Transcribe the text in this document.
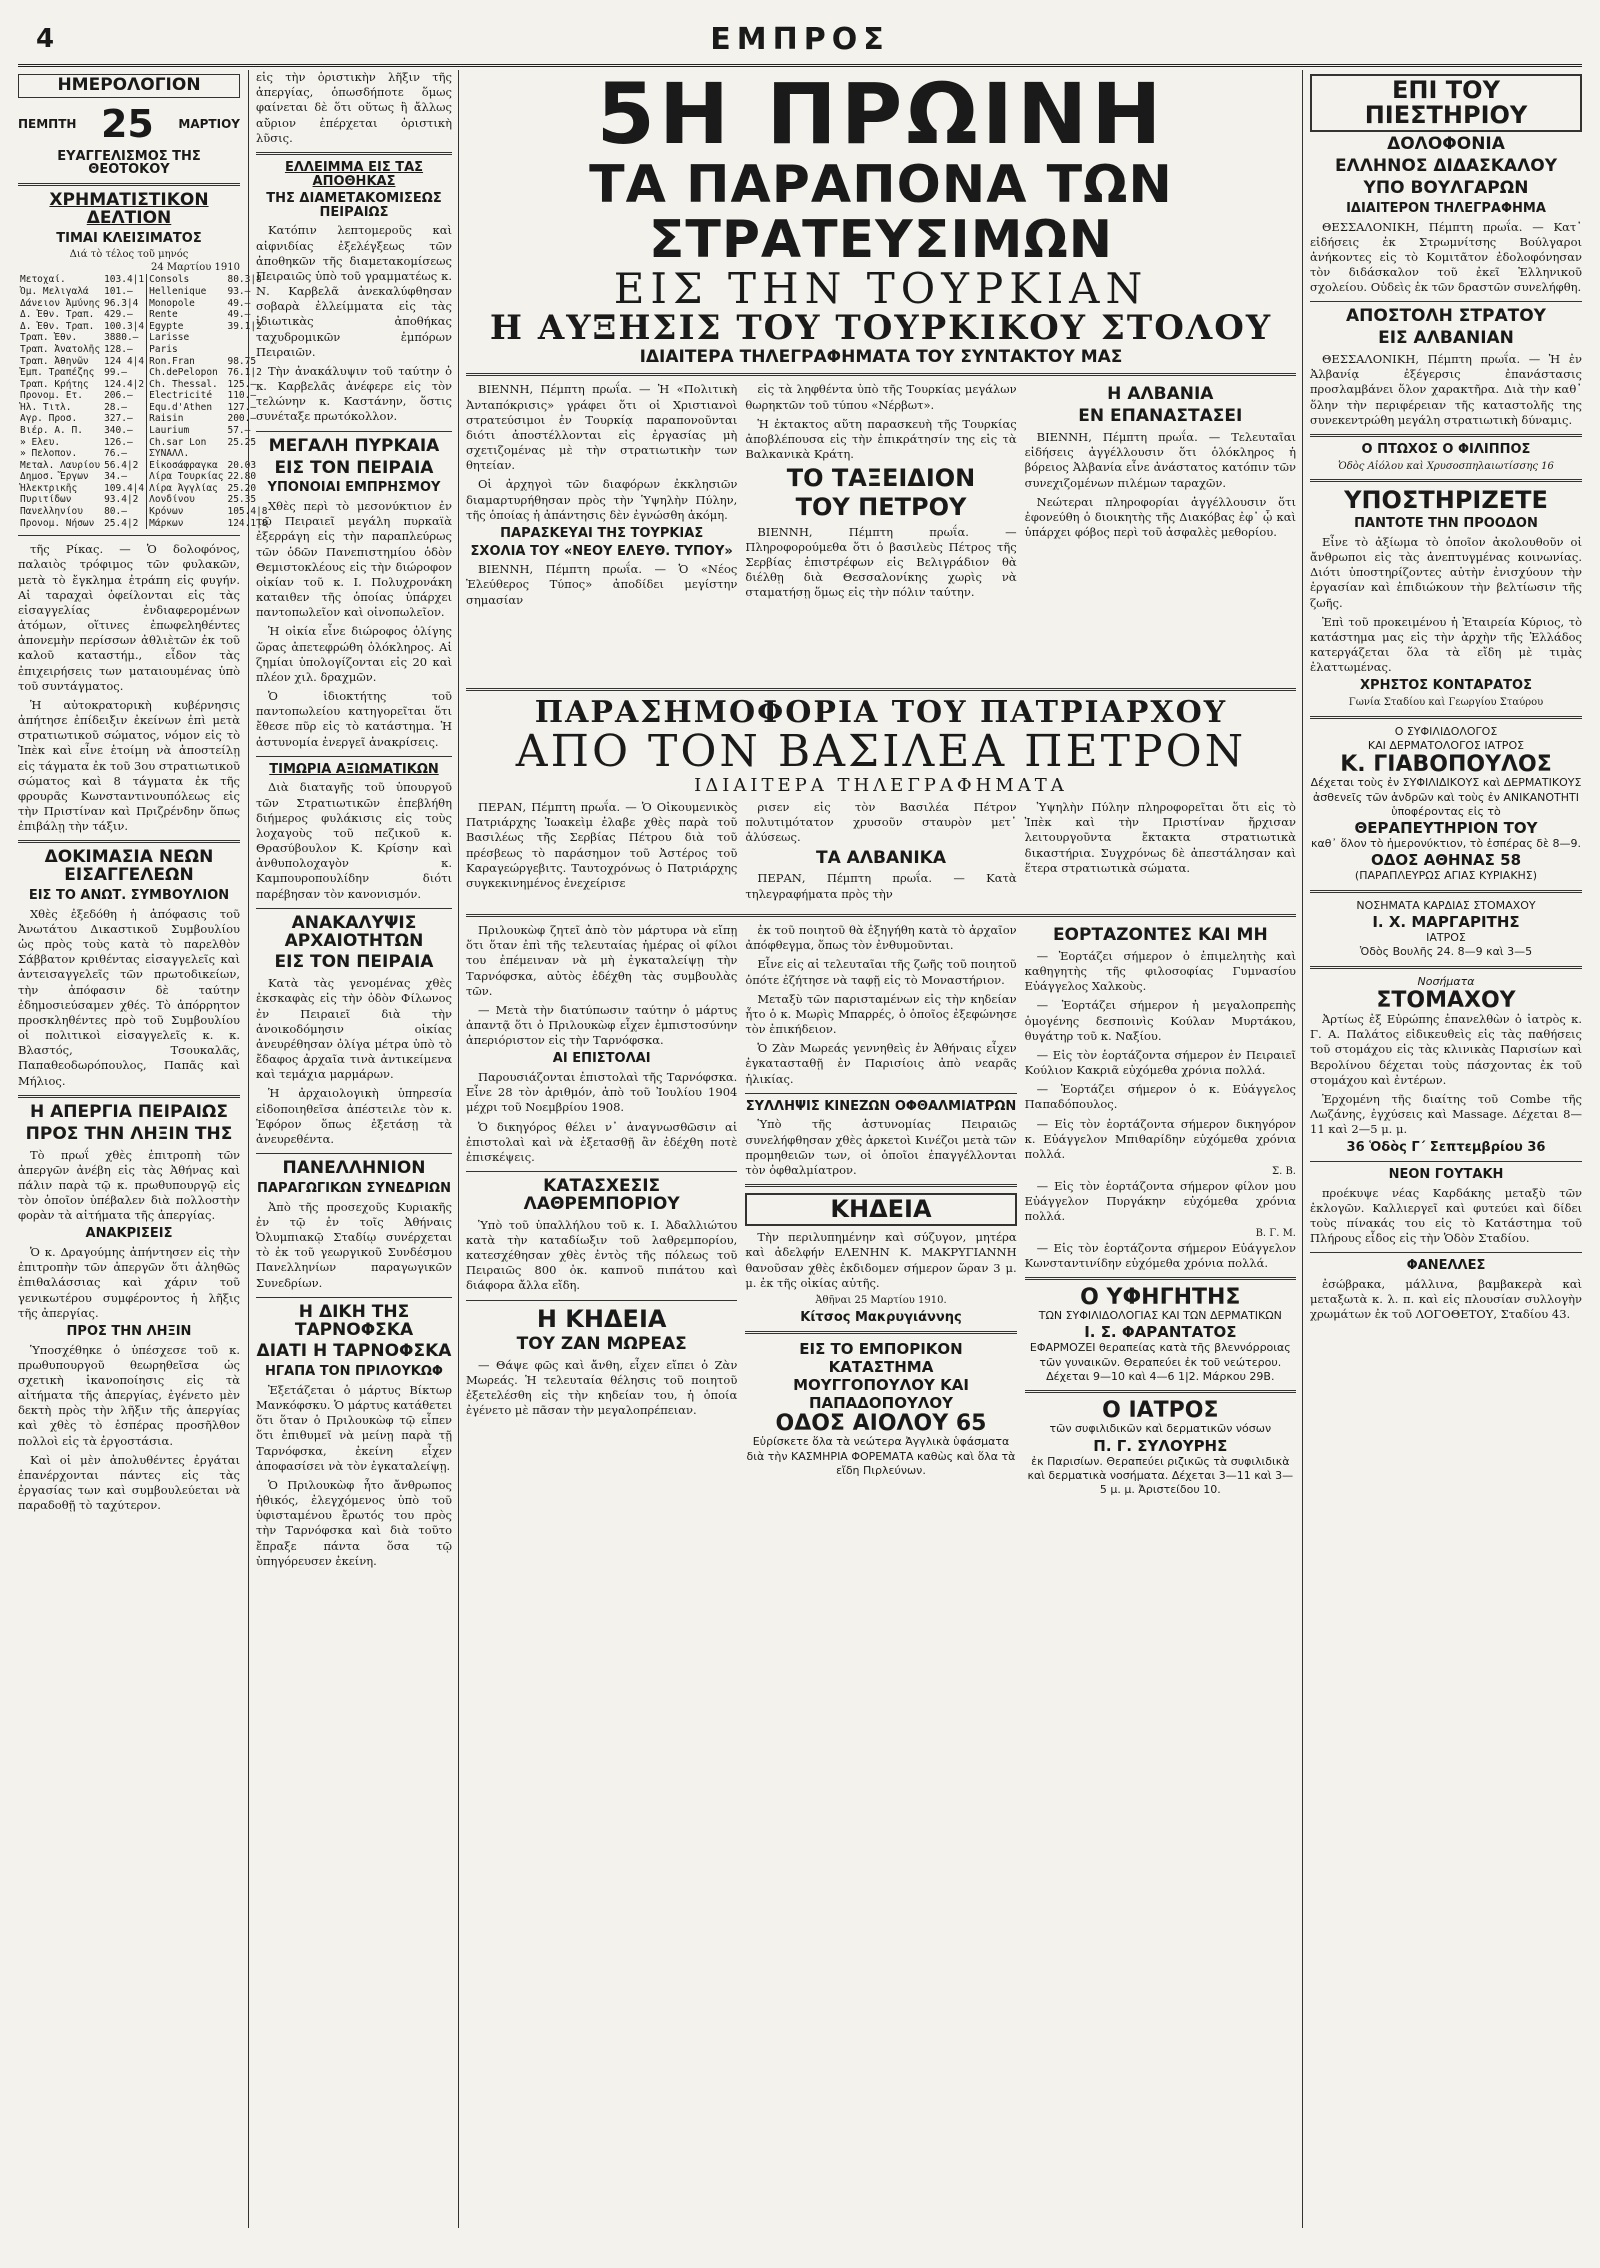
4	ΕΜΠΡΟΣ
ΗΜΕΡΟΛΟΓΙΟΝ
ΠΕΜΠΤΗ 25 ΜΑΡΤΙΟΥ
ΕΥΑΓΓΕΛΙΣΜΟΣ ΤΗΣ ΘΕΟΤΟΚΟΥ
ΧΡΗΜΑΤΙΣΤΙΚΟΝ ΔΕΛΤΙΟΝ
ΤΙΜΑΙ ΚΛΕΙΣΙΜΑΤΟΣ
Διά τὸ τέλος τοῦ μηνός
24 Μαρτίου 1910
Μετοχαί.	103.4|1	Consols	80.3|8
Ὀμ. Μελιγαλά	101.—	Hellenique	93.—
Δάνειον Ἀμύνης	96.3|4	Monopole	49.—
Δ. Ἐθν. Τραπ.	429.—	Rente	49.—
Δ. Ἐθν. Τραπ.	100.3|4	Egypte	39.1|2
Τραπ. Ἐθν.	3880.—	Larisse	
Τραπ. Ἀνατολῆς	128.—	Paris	
Τραπ. Ἀθηνῶν	124 4|4	Ron.Fran	98.75
Ἐμπ. Τραπέζης	99.—	Ch.dePelopon	76.1|2
Τραπ. Κρήτης	124.4|2	Ch. Thessal.	125.—
Προνομ. Ετ.	206.—	Electricité	110.—
Ἠλ. Τιτλ.	28.—	Equ.d'Athen	127.—
Αγρ. Προσ.	327.—	Raisin	200.—
Βιέρ. Α. Π.	340.—	Laurium	57.—
» Ελευ.	126.—	Ch.sar Lon	25.25
» Πελοπον.	76.—	ΣΥΝΑΛΛ.	
Μεταλ. Λαυρίου	56.4|2	Εἰκοσάφραγκα	20.03
Δημοσ. Ἔργων	34.—	Λίρα Τουρκίας	22.80
Ἠλεκτρικῆς	109.4|4	Λίρα Ἀγγλίας	25.20
Πυριτίδων	93.4|2	Λονδίνου	25.35
Πανελληνίου	80.—	Κρόνων	105.4|8
Προνομ. Νήσων	25.4|2	Μάρκων	124.1|8
τῆς Ρίκας. — Ὁ δολοφόνος, παλαιὸς τρόφιμος τῶν φυλακῶν, μετὰ τὸ ἔγκλημα ἐτράπη εἰς φυγήν. Αἱ ταραχαὶ ὀφείλονται εἰς τὰς εἰσαγγελίας ἐνδιαφερομένων ἀτόμων, οἵτινες ἐπωφεληθέντες ἀπονεμὴν περίσσων ἀθλιὲτῶν ἐκ τοῦ καλοῦ καταστήμ., εἶδον τὰς ἐπιχειρήσεις των ματαιουμένας ὑπὸ τοῦ συντάγματος.
Ἡ αὐτοκρατορικὴ κυβέρνησις ἀπήτησε ἐπίδειξιν ἐκείνων ἐπὶ μετὰ στρατιωτικοῦ σώματος, νόμον εἰς τὸ Ἰπὲκ καὶ εἶνε ἑτοίμη νὰ ἀποστείλῃ εἰς τάγματα ἐκ τοῦ 3ου στρατιωτικοῦ σώματος καὶ 8 τάγματα ἐκ τῆς φρουρᾶς Κωνσταντινουπόλεως εἰς τὴν Πριστίναν καὶ Πριζρένδην ὅπως ἐπιβάλῃ τὴν τάξιν.
ΔΟΚΙΜΑΣΙΑ ΝΕΩΝ ΕΙΣΑΓΓΕΛΕΩΝ
ΕΙΣ ΤΟ ΑΝΩΤ. ΣΥΜΒΟΥΛΙΟΝ
Χθὲς ἐξεδόθη ἡ ἀπόφασις τοῦ Ἀνωτάτου Δικαστικοῦ Συμβουλίου ὡς πρὸς τοὺς κατὰ τὸ παρελθὸν Σάββατον κριθέντας εἰσαγγελεῖς καὶ ἀντεισαγγελεῖς τῶν πρωτοδικείων, τὴν ἀπόφασιν δὲ ταύτην ἐδημοσιεύσαμεν χθές. Τὸ ἀπόρρητον προσκληθέντες πρὸ τοῦ Συμβουλίου οἱ πολιτικοὶ εἰσαγγελεῖς κ. κ. Βλαστός, Τσουκαλᾶς, Παπαθεοδωρόπουλος, Παπᾶς καὶ Μήλιος.
Η ΑΠΕΡΓΙΑ ΠΕΙΡΑΙΩΣ
ΠΡΟΣ ΤΗΝ ΛΗΞΙΝ ΤΗΣ
Τὸ πρωΐ χθὲς ἐπιτροπὴ τῶν ἀπεργῶν ἀνέβη εἰς τὰς Ἀθήνας καὶ πάλιν παρὰ τῷ κ. πρωθυπουργῷ εἰς τὸν ὁποῖον ὑπέβαλεν διὰ πολλοστὴν φορὰν τὰ αἰτήματα τῆς ἀπεργίας.
ΑΝΑΚΡΙΣΕΙΣ
Ὁ κ. Δραγούμης ἀπήντησεν εἰς τὴν ἐπιτροπὴν τῶν ἀπεργῶν ὅτι ἀληθῶς ἐπιθαλάσσιας καὶ χάριν τοῦ γενικωτέρου συμφέροντος ἡ λῆξις τῆς ἀπεργίας.
ΠΡΟΣ ΤΗΝ ΛΗΞΙΝ
Ὑποσχέθηκε ὁ ὑπέσχεσε τοῦ κ. πρωθυπουργοῦ θεωρηθεῖσα ὡς σχετικὴ ἱκανοποίησις εἰς τὰ αἰτήματα τῆς ἀπεργίας, ἐγένετο μὲν δεκτὴ πρὸς τὴν λῆξιν τῆς ἀπεργίας καὶ χθὲς τὸ ἑσπέρας προσῆλθον πολλοὶ εἰς τὰ ἐργοστάσια.
Καὶ οἱ μὲν ἀπολυθέντες ἐργάται ἐπανέρχονται πάντες εἰς τὰς ἐργασίας των καὶ συμβουλεύεται νὰ παραδοθῇ τὸ ταχύτερον.
εἰς τὴν ὁριστικὴν λῆξιν τῆς ἀπεργίας, ὁπωσδήποτε ὅμως φαίνεται δὲ ὅτι οὕτως ἢ ἄλλως αὔριον ἐπέρχεται ὁριστικὴ λῦσις.
ΕΛΛΕΙΜΜΑ ΕΙΣ ΤΑΣ ΑΠΟΘΗΚΑΣ
ΤΗΣ ΔΙΑΜΕΤΑΚΟΜΙΣΕΩΣ ΠΕΙΡΑΙΩΣ
Κατόπιν λεπτομεροῦς καὶ αἰφνιδίας ἐξελέγξεως τῶν ἀποθηκῶν τῆς διαμετακομίσεως Πειραιῶς ὑπὸ τοῦ γραμματέως κ. Ν. Καρβελᾶ ἀνεκαλύφθησαν σοβαρὰ ἐλλείμματα εἰς τὰς ἰδιωτικὰς ἀποθήκας ταχυδρομικῶν ἐμπόρων Πειραιῶν.
Τὴν ἀνακάλυψιν τοῦ ταύτην ὁ κ. Καρβελᾶς ἀνέφερε εἰς τὸν τελώνην κ. Καστάνην, ὅστις συνέταξε πρωτόκολλον.
ΜΕΓΑΛΗ ΠΥΡΚΑΙΑ
ΕΙΣ ΤΟΝ ΠΕΙΡΑΙΑ
ΥΠΟΝΟΙΑΙ ΕΜΠΡΗΣΜΟΥ
Χθὲς περὶ τὸ μεσονύκτιον ἐν τῷ Πειραιεῖ μεγάλη πυρκαϊὰ ἐξερράγη εἰς τὴν παραπλεύρως τῶν ὁδῶν Πανεπιστημίου ὁδὸν Θεμιστοκλέους εἰς τὴν διώροφον οἰκίαν τοῦ κ. Ι. Πολυχρονάκη καταιθεν τῆς ὁποίας ὑπάρχει παντοπωλεῖον καὶ οἰνοπωλεῖον.
Ἡ οἰκία εἶνε διώροφος ὀλίγης ὥρας ἀπετεφρώθη ὁλόκληρος. Αἱ ζημίαι ὑπολογίζονται εἰς 20 καὶ πλέον χιλ. δραχμῶν.
Ὁ ἰδιοκτήτης τοῦ παντοπωλείου κατηγορεῖται ὅτι ἔθεσε πῦρ εἰς τὸ κατάστημα. Ἡ ἀστυνομία ἐνεργεῖ ἀνακρίσεις.
ΤΙΜΩΡΙΑ ΑΞΙΩΜΑΤΙΚΩΝ
Διὰ διαταγῆς τοῦ ὑπουργοῦ τῶν Στρατιωτικῶν ἐπεβλήθη διήμερος φυλάκισις εἰς τοὺς λοχαγοὺς τοῦ πεζικοῦ κ. Θρασύβουλον Κ. Κρίσην καὶ ἀνθυπολοχαγὸν κ. Καμπουροπουλίδην διότι παρέβησαν τὸν κανονισμόν.
ΑΝΑΚΑΛΥΨΙΣ ΑΡΧΑΙΟΤΗΤΩΝ
ΕΙΣ ΤΟΝ ΠΕΙΡΑΙΑ
Κατὰ τὰς γενομένας χθὲς ἐκσκαφὰς εἰς τὴν ὁδὸν Φίλωνος ἐν Πειραιεῖ διὰ τὴν ἀνοικοδόμησιν οἰκίας ἀνευρέθησαν ὀλίγα μέτρα ὑπὸ τὸ ἔδαφος ἀρχαῖα τινὰ ἀντικείμενα καὶ τεμάχια μαρμάρων.
Ἡ ἀρχαιολογικὴ ὑπηρεσία εἰδοποιηθεῖσα ἀπέστειλε τὸν κ. Ἐφόρον ὅπως ἐξετάσῃ τὰ ἀνευρεθέντα.
ΠΑΝΕΛΛΗΝΙΟΝ
ΠΑΡΑΓΩΓΙΚΩΝ ΣΥΝΕΔΡΙΩΝ
Ἀπὸ τῆς προσεχοῦς Κυριακῆς ἐν τῷ ἐν τοῖς Ἀθήναις Ὀλυμπιακῷ Σταδίῳ συνέρχεται τὸ ἐκ τοῦ γεωργικοῦ Συνδέσμου Πανελληνίων παραγωγικῶν Συνεδρίων.
Η ΔΙΚΗ ΤΗΣ ΤΑΡΝΟΦΣΚΑ
ΔΙΑΤΙ Η ΤΑΡΝΟΦΣΚΑ
ΗΓΑΠΑ ΤΟΝ ΠΡΙΛΟΥΚΩΦ
Ἐξετάζεται ὁ μάρτυς Βίκτωρ Μανκόφσκυ. Ὁ μάρτυς κατάθετει ὅτι ὅταν ὁ Πριλουκὼφ τῷ εἶπεν ὅτι ἐπιθυμεῖ νὰ μείνῃ παρὰ τῇ Ταρνόφσκα, ἐκείνη εἶχεν ἀποφασίσει νὰ τὸν ἐγκαταλείψῃ.
Ὁ Πριλουκὼφ ἦτο ἄνθρωπος ἠθικός, ἐλεγχόμενος ὑπὸ τοῦ ὑφισταμένου ἔρωτός του πρὸς τὴν Ταρνόφσκα καὶ διὰ τοῦτο ἔπραξε πάντα ὅσα τῷ ὑπηγόρευσεν ἐκείνη.
5Η ΠΡΩΙΝΗ
ΤΑ ΠΑΡΑΠΟΝΑ ΤΩΝ ΣΤΡΑΤΕΥΣΙΜΩΝ
ΕΙΣ ΤΗΝ ΤΟΥΡΚΙΑΝ
Η ΑΥΞΗΣΙΣ ΤΟΥ ΤΟΥΡΚΙΚΟΥ ΣΤΟΛΟΥ
ΙΔΙΑΙΤΕΡΑ ΤΗΛΕΓΡΑΦΗΜΑΤΑ ΤΟΥ ΣΥΝΤΑΚΤΟΥ ΜΑΣ
ΒΙΕΝΝΗ, Πέμπτη πρωΐα. — Ἡ «Πολιτικὴ Ἀνταπόκρισις» γράφει ὅτι οἱ Χριστιανοὶ στρατεύσιμοι ἐν Τουρκίᾳ παραπονοῦνται διότι ἀποστέλλονται εἰς ἐργασίας μὴ σχετιζομένας μὲ τὴν στρατιωτικὴν των θητείαν.
Οἱ ἀρχηγοὶ τῶν διαφόρων ἐκκλησιῶν διαμαρτυρήθησαν πρὸς τὴν Ὑψηλὴν Πύλην, τῆς ὁποίας ἡ ἀπάντησις δὲν ἐγνώσθη ἀκόμη.
ΠΑΡΑΣΚΕΥΑΙ ΤΗΣ ΤΟΥΡΚΙΑΣ
ΣΧΟΛΙΑ ΤΟΥ «ΝΕΟΥ ΕΛΕΥΘ. ΤΥΠΟΥ»
ΒΙΕΝΝΗ, Πέμπτη πρωΐα. — Ὁ «Νέος Ἐλεύθερος Τύπος» ἀποδίδει μεγίστην σημασίαν
εἰς τὰ ληφθέντα ὑπὸ τῆς Τουρκίας μεγάλων θωρηκτῶν τοῦ τύπου «Νέρβωτ».
Ἡ ἐκτακτος αὕτη παρασκευὴ τῆς Τουρκίας ἀποβλέπουσα εἰς τὴν ἐπικράτησίν της εἰς τὰ Βαλκανικὰ Κράτη.
ΤΟ ΤΑΞΕΙΔΙΟΝ
ΤΟΥ ΠΕΤΡΟΥ
ΒΙΕΝΝΗ, Πέμπτη πρωΐα. — Πληροφορούμεθα ὅτι ὁ βασιλεὺς Πέτρος τῆς Σερβίας ἐπιστρέφων εἰς Βελιγράδιον θὰ διέλθῃ διὰ Θεσσαλονίκης χωρὶς νὰ σταματήσῃ ὅμως εἰς τὴν πόλιν ταύτην.
Η ΑΛΒΑΝΙΑ
ΕΝ ΕΠΑΝΑΣΤΑΣΕΙ
ΒΙΕΝΝΗ, Πέμπτη πρωΐα. — Τελευταῖαι εἰδήσεις ἀγγέλλουσιν ὅτι ὁλόκληρος ἡ βόρειος Ἀλβανία εἶνε ἀνάστατος κατόπιν τῶν συνεχιζομένων πιλέμων ταραχῶν.
Νεώτεραι πληροφορίαι ἀγγέλλουσιν ὅτι ἐφονεύθη ὁ διοικητὴς τῆς Διακόβας ἐφ᾽ ᾧ καὶ ὑπάρχει φόβος περὶ τοῦ ἀσφαλὲς μεθορίου.
ΠΑΡΑΣΗΜΟΦΟΡΙΑ ΤΟΥ ΠΑΤΡΙΑΡΧΟΥ
ΑΠΟ ΤΟΝ ΒΑΣΙΛΕΑ ΠΕΤΡΟΝ
ΙΔΙΑΙΤΕΡΑ ΤΗΛΕΓΡΑΦΗΜΑΤΑ
ΠΕΡΑΝ, Πέμπτη πρωΐα. — Ὁ Οἰκουμενικὸς Πατριάρχης Ἰωακεὶμ ἐλαβε χθὲς παρὰ τοῦ Βασιλέως τῆς Σερβίας Πέτρου διὰ τοῦ πρέσβεως τὸ παράσημον τοῦ Ἀστέρος τοῦ Καραγεώργεβιτς. Ταυτοχρόνως ὁ Πατριάρχης συγκεκινημένος ἐνεχείρισε
ρισεν εἰς τὸν Βασιλέα Πέτρον πολυτιμότατον χρυσοῦν σταυρὸν μετ᾽ ἀλύσεως.
ΤΑ ΑΛΒΑΝΙΚΑ
ΠΕΡΑΝ, Πέμπτη πρωΐα. — Κατὰ τηλεγραφήματα πρὸς τὴν
Ὑψηλὴν Πύλην πληροφορεῖται ὅτι εἰς τὸ Ἰπὲκ καὶ τὴν Πριστίναν ἤρχισαν λειτουργοῦντα ἔκτακτα στρατιωτικὰ δικαστήρια. Συγχρόνως δὲ ἀπεστάλησαν καὶ ἕτερα στρατιωτικὰ σώματα.
Πριλουκὼφ ζητεῖ ἀπὸ τὸν μάρτυρα νὰ εἴπῃ ὅτι ὅταν ἐπὶ τῆς τελευταίας ἡμέρας οἱ φίλοι του ἐπέμειναν νὰ μὴ ἐγκαταλείψῃ τὴν Ταρνόφσκα, αὐτὸς ἐδέχθη τὰς συμβουλὰς τῶν.
— Μετὰ τὴν διατύπωσιν ταύτην ὁ μάρτυς ἀπαντᾷ ὅτι ὁ Πριλουκὼφ εἶχεν ἐμπιστοσύνην ἀπεριόριστον εἰς τὴν Ταρνόφσκα.
ΑΙ ΕΠΙΣΤΟΛΑΙ
Παρουσιάζονται ἐπιστολαὶ τῆς Ταρνόφσκα. Εἶνε 28 τὸν ἀριθμόν, ἀπὸ τοῦ Ἰουλίου 1904 μέχρι τοῦ Νοεμβρίου 1908.
Ὁ δικηγόρος θέλει ν᾽ ἀναγνωσθῶσιν αἱ ἐπιστολαὶ καὶ νὰ ἐξετασθῇ ἂν ἐδέχθη ποτὲ ἐπισκέψεις.
ΚΑΤΑΣΧΕΣΙΣ ΛΑΘΡΕΜΠΟΡΙΟΥ
Ὑπὸ τοῦ ὑπαλλήλου τοῦ κ. Ι. Ἀδαλλιώτου κατὰ τὴν καταδίωξιν τοῦ λαθρεμπορίου, κατεσχέθησαν χθὲς ἐντὸς τῆς πόλεως τοῦ Πειραιῶς 800 ὀκ. καπνοῦ πιπάτου καὶ διάφορα ἄλλα εἴδη.
Η ΚΗΔΕΙΑ
ΤΟΥ ΖΑΝ ΜΩΡΕΑΣ
— Θάψε φῶς καὶ ἄνθη, εἶχεν εἴπει ὁ Ζὰν Μωρεάς. Ἡ τελευταία θέλησις τοῦ ποιητοῦ ἐξετελέσθη εἰς τὴν κηδείαν του, ἡ ὁποία ἐγένετο μὲ πᾶσαν τὴν μεγαλοπρέπειαν.
ἐκ τοῦ ποιητοῦ θὰ ἐξηγήθη κατὰ τὸ ἀρχαῖον ἀπόφθεγμα, ὅπως τὸν ἐνθυμοῦνται.
Εἶνε εἰς αἱ τελευταῖαι τῆς ζωῆς τοῦ ποιητοῦ ὁπότε ἐζήτησε νὰ ταφῇ εἰς τὸ Μοναστήριον.
Μεταξὺ τῶν παρισταμένων εἰς τὴν κηδείαν ἦτο ὁ κ. Μωρὶς Μπαρρές, ὁ ὁποῖος ἐξεφώνησε τὸν ἐπικήδειον.
Ὁ Ζὰν Μωρεάς γεννηθεὶς ἐν Ἀθήναις εἶχεν ἐγκατασταθῇ ἐν Παρισίοις ἀπὸ νεαρᾶς ἡλικίας.
ΣΥΛΛΗΨΙΣ ΚΙΝΕΖΩΝ ΟΦΘΑΛΜΙΑΤΡΩΝ
Ὑπὸ τῆς ἀστυνομίας Πειραιῶς συνελήφθησαν χθὲς ἀρκετοὶ Κινέζοι μετὰ τῶν προμηθειῶν των, οἱ ὁποῖοι ἐπαγγέλλονται τὸν ὀφθαλμίατρον.
ΚΗΔΕΙΑ
Τὴν περιλυπημένην καὶ σύζυγον, μητέρα καὶ ἀδελφήν ΕΛΕΝΗΝ Κ. ΜΑΚΡΥΓΙΑΝΝΗ θανοῦσαν χθὲς ἐκδιδομεν σήμερον ὥραν 3 μ. μ. ἐκ τῆς οἰκίας αὐτῆς.
Ἀθῆναι 25 Μαρτίου 1910.
Κίτσος Μακρυγιάννης
ΕΙΣ ΤΟ ΕΜΠΟΡΙΚΟΝ ΚΑΤΑΣΤΗΜΑ
ΜΟΥΓΓΟΠΟΥΛΟΥ ΚΑΙ ΠΑΠΑΔΟΠΟΥΛΟΥ
ΟΔΟΣ ΑΙΟΛΟΥ 65
Εὑρίσκετε ὅλα τὰ νεώτερα Ἀγγλικὰ ὑφάσματα διὰ τὴν ΚΑΣΜΗΡΙΑ ΦΟΡΕΜΑΤΑ καθὼς καὶ ὅλα τὰ εἴδη Πιρλεύνων.
ΕΟΡΤΑΖΟΝΤΕΣ ΚΑΙ ΜΗ
— Ἑορτάζει σήμερον ὁ ἐπιμελητὴς καὶ καθηγητὴς τῆς φιλοσοφίας Γυμνασίου Εὐάγγελος Χαλκοὺς.
— Ἑορτάζει σήμερον ἡ μεγαλοπρεπὴς ὁμογένης δεσποινὶς Κούλαν Μυρτάκου, θυγάτηρ τοῦ κ. Ναξίου.
— Εἰς τὸν ἑορτάζοντα σήμερον ἐν Πειραιεῖ Κούλιον Κακριᾶ εὐχόμεθα χρόνια πολλά.
— Ἑορτάζει σήμερον ὁ κ. Εὐάγγελος Παπαδόπουλος.
— Εἰς τὸν ἑορτάζοντα σήμερον δικηγόρον κ. Εὐάγγελον Μπιθαρίδην εὐχόμεθα χρόνια πολλά.
Σ. Β.
— Εἰς τὸν ἑορτάζοντα σήμερον φίλον μου Εὐάγγελον Πυργάκην εὐχόμεθα χρόνια πολλά.
Β. Γ. Μ.
— Εἰς τὸν ἑορτάζοντα σήμερον Εὐάγγελον Κωνσταντινίδην εὐχόμεθα χρόνια πολλά.
Ο ΥΦΗΓΗΤΗΣ
ΤΩΝ ΣΥΦΙΛΙΔΟΛΟΓΙΑΣ ΚΑΙ ΤΩΝ ΔΕΡΜΑΤΙΚΩΝ
Ι. Σ. ΦΑΡΑΝΤΑΤΟΣ
ΕΦΑΡΜΟΖΕΙ θεραπείας κατὰ τῆς βλεννόρροιας τῶν γυναικῶν. Θεραπεύει ἐκ τοῦ νεώτερου. Δέχεται 9—10 καὶ 4—6 1|2. Μάρκου 29Β.
Ο ΙΑΤΡΟΣ
τῶν συφιλιδικῶν καὶ δερματικῶν νόσων
Π. Γ. ΣΥΛΟΥΡΗΣ
ἐκ Παρισίων. Θεραπεύει ριζικῶς τὰ συφιλιδικὰ καὶ δερματικὰ νοσήματα. Δέχεται 3—11 καὶ 3—5 μ. μ. Ἀριστείδου 10.
ΕΠΙ ΤΟΥ ΠΙΕΣΤΗΡΙΟΥ
ΔΟΛΟΦΟΝΙΑ
ΕΛΛΗΝΟΣ ΔΙΔΑΣΚΑΛΟΥ
ΥΠΟ ΒΟΥΛΓΑΡΩΝ
ΙΔΙΑΙΤΕΡΟΝ ΤΗΛΕΓΡΑΦΗΜΑ
ΘΕΣΣΑΛΟΝΙΚΗ, Πέμπτη πρωΐα. — Κατ᾽ εἰδήσεις ἐκ Στρωμνίτσης Βούλγαροι ἀνήκοντες εἰς τὸ Κομιτᾶτον ἐδολοφόνησαν τὸν διδάσκαλον τοῦ ἐκεῖ Ἑλληνικοῦ σχολείου. Οὐδεὶς ἐκ τῶν δραστῶν συνελήφθη.
ΑΠΟΣΤΟΛΗ ΣΤΡΑΤΟΥ
ΕΙΣ ΑΛΒΑΝΙΑΝ
ΘΕΣΣΑΛΟΝΙΚΗ, Πέμπτη πρωΐα. — Ἡ ἐν Ἀλβανίᾳ ἐξέγερσις ἐπανάστασις προσλαμβάνει ὅλον χαρακτῆρα. Διὰ τὴν καθ᾽ ὅλην τὴν περιφέρειαν τῆς καταστολῆς της συνεκεντρώθη μεγάλη στρατιωτικὴ δύναμις.
Ο ΠΤΩΧΟΣ Ο ΦΙΛΙΠΠΟΣ
Ὁδὸς Αἰόλου καὶ Χρυσοσπηλαιωτίσσης 16
ΥΠΟΣΤΗΡΙΖΕΤΕ
ΠΑΝΤΟΤΕ ΤΗΝ ΠΡΟΟΔΟΝ
Εἶνε τὸ ἀξίωμα τὸ ὁποῖον ἀκολουθοῦν οἱ ἄνθρωποι εἰς τὰς ἀνεπτυγμένας κοινωνίας. Διότι ὑποστηρίζοντες αὐτὴν ἐνισχύουν τὴν ἐργασίαν καὶ ἐπιδιώκουν τὴν βελτίωσιν τῆς ζωῆς.
Ἐπὶ τοῦ προκειμένου ἡ Ἐταιρεία Κύριος, τὸ κατάστημα μας εἰς τὴν ἀρχὴν τῆς Ἑλλάδος κατεργάζεται ὅλα τὰ εἴδη μὲ τιμὰς ἐλαττωμένας.
ΧΡΗΣΤΟΣ ΚΟΝΤΑΡΑΤΟΣ
Γωνία Σταδίου καὶ Γεωργίου Σταύρου
Ο ΣΥΦΙΛΙΔΟΛΟΓΟΣ
ΚΑΙ ΔΕΡΜΑΤΟΛΟΓΟΣ ΙΑΤΡΟΣ
Κ. ΓΙΑΒΟΠΟΥΛΟΣ
Δέχεται τοὺς ἐν ΣΥΦΙΛΙΔΙΚΟΥΣ καὶ ΔΕΡΜΑΤΙΚΟΥΣ ἀσθενεῖς τῶν ἀνδρῶν καὶ τοὺς ἐν ΑΝΙΚΑΝΟΤΗΤΙ ὑποφέροντας εἰς τὸ
ΘΕΡΑΠΕΥΤΗΡΙΟΝ ΤΟΥ
καθ᾽ ὅλον τὸ ἡμερονύκτιον, τὸ ἑσπέρας δὲ 8—9.
ΟΔΟΣ ΑΘΗΝΑΣ 58
(ΠΑΡΑΠΛΕΥΡΩΣ ΑΓΙΑΣ ΚΥΡΙΑΚΗΣ)
ΝΟΣΗΜΑΤΑ ΚΑΡΔΙΑΣ ΣΤΟΜΑΧΟΥ
Ι. Χ. ΜΑΡΓΑΡΙΤΗΣ
ΙΑΤΡΟΣ
Ὁδὸς Βουλῆς 24. 8—9 καὶ 3—5
Νοσήματα
ΣΤΟΜΑΧΟΥ
Ἀρτίως ἐξ Εὐρώπης ἐπανελθὼν ὁ ἰατρὸς κ. Γ. Α. Παλάτος εἰδικευθεὶς εἰς τὰς παθήσεις τοῦ στομάχου εἰς τὰς κλινικὰς Παρισίων καὶ Βερολίνου δέχεται τοὺς πάσχοντας ἐκ τοῦ στομάχου καὶ ἐντέρων.
Ἐρχομένη τῆς διαίτης τοῦ Combe τῆς Λωζάνης, ἐγχύσεις καὶ Massage. Δέχεται 8—11 καὶ 2—5 μ. μ.
36 Ὁδὸς Γ΄ Σεπτεμβρίου 36
ΝΕΟΝ ΓΟΥΤΑΚΗ
προέκυψε νέας Καρδάκης μεταξὺ τῶν ἐκλογῶν. Καλλιεργεῖ καὶ φυτεύει καὶ δίδει τοὺς πίνακάς του εἰς τὸ Κατάστημα τοῦ Πλήρους εἶδος εἰς τὴν Ὁδὸν Σταδίου.
ΦΑΝΕΛΛΕΣ
ἐσώβρακα, μάλλινα, βαμβακερὰ καὶ μεταξωτὰ κ. λ. π. καὶ εἰς πλουσίαν συλλογὴν χρωμάτων ἐκ τοῦ ΛΟΓΟΘΕΤΟΥ, Σταδίου 43.
